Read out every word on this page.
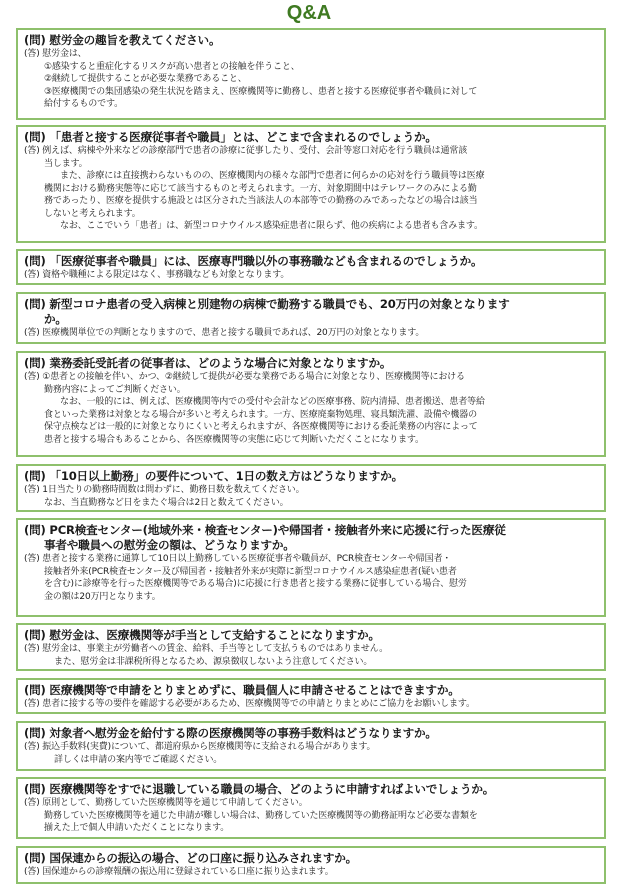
Q&A
(問) 慰労金の趣旨を教えてください。
(答) 慰労金は、
①感染すると重症化するリスクが高い患者との接触を伴うこと、
②継続して提供することが必要な業務であること、
③医療機関での集団感染の発生状況を踏まえ、医療機関等に勤務し、患者と接する医療従事者や職員に対して
給付するものです。
(問) 「患者と接する医療従事者や職員」とは、どこまで含まれるのでしょうか。
(答) 例えば、病棟や外来などの診療部門で患者の診療に従事したり、受付、会計等窓口対応を行う職員は通常該
当します。
また、診療には直接携わらないものの、医療機関内の様々な部門で患者に何らかの応対を行う職員等は医療
機関における勤務実態等に応じて該当するものと考えられます。一方、対象期間中はテレワークのみによる勤
務であったり、医療を提供する施設とは区分された当該法人の本部等での勤務のみであったなどの場合は該当
しないと考えられます。
なお、ここでいう「患者」は、新型コロナウイルス感染症患者に限らず、他の疾病による患者も含みます。
(問) 「医療従事者や職員」には、医療専門職以外の事務職なども含まれるのでしょうか。
(答) 資格や職種による限定はなく、事務職なども対象となります。
(問) 新型コロナ患者の受入病棟と別建物の病棟で勤務する職員でも、20万円の対象となります
か。
(答) 医療機関単位での判断となりますので、患者と接する職員であれば、20万円の対象となります。
(問) 業務委託受託者の従事者は、どのような場合に対象となりますか。
(答) ①患者との接触を伴い、かつ、②継続して提供が必要な業務である場合に対象となり、医療機関等における
勤務内容によってご判断ください。
なお、一般的には、例えば、医療機関等内での受付や会計などの医療事務、院内清掃、患者搬送、患者等給
食といった業務は対象となる場合が多いと考えられます。一方、医療廃棄物処理、寝具類洗濯、設備や機器の
保守点検などは一般的に対象となりにくいと考えられますが、各医療機関等における委託業務の内容によって
患者と接する場合もあることから、各医療機関等の実態に応じて判断いただくことになります。
(問) 「10日以上勤務」の要件について、1日の数え方はどうなりますか。
(答) 1日当たりの勤務時間数は問わずに、勤務日数を数えてください。
なお、当直勤務など日をまたぐ場合は2日と数えてください。
(問) PCR検査センター(地域外来・検査センター)や帰国者・接触者外来に応援に行った医療従
事者や職員への慰労金の額は、どうなりますか。
(答) 患者と接する業務に通算して10日以上勤務している医療従事者や職員が、PCR検査センターや帰国者・
接触者外来(PCR検査センター及び帰国者・接触者外来が実際に新型コロナウイルス感染症患者(疑い患者
を含む)に診療等を行った医療機関等である場合)に応援に行き患者と接する業務に従事している場合、慰労
金の額は20万円となります。
(問) 慰労金は、医療機関等が手当として支給することになりますか。
(答) 慰労金は、事業主が労働者への賃金、給料、手当等として支払うものではありません。
また、慰労金は非課税所得となるため、源泉徴収しないよう注意してください。
(問) 医療機関等で申請をとりまとめずに、職員個人に申請させることはできますか。
(答) 患者に接する等の要件を確認する必要があるため、医療機関等での申請とりまとめにご協力をお願いします。
(問) 対象者へ慰労金を給付する際の医療機関等の事務手数料はどうなりますか。
(答) 振込手数料(実費)について、都道府県から医療機関等に支給される場合があります。
詳しくは申請の案内等でご確認ください。
(問) 医療機関等をすでに退職している職員の場合、どのように申請すればよいでしょうか。
(答) 原則として、勤務していた医療機関等を通じて申請してください。
勤務していた医療機関等を通じた申請が難しい場合は、勤務していた医療機関等の勤務証明など必要な書類を
揃えた上で個人申請いただくことになります。
(問) 国保連からの振込の場合、どの口座に振り込みされますか。
(答) 国保連からの診療報酬の振込用に登録されている口座に振り込まれます。
